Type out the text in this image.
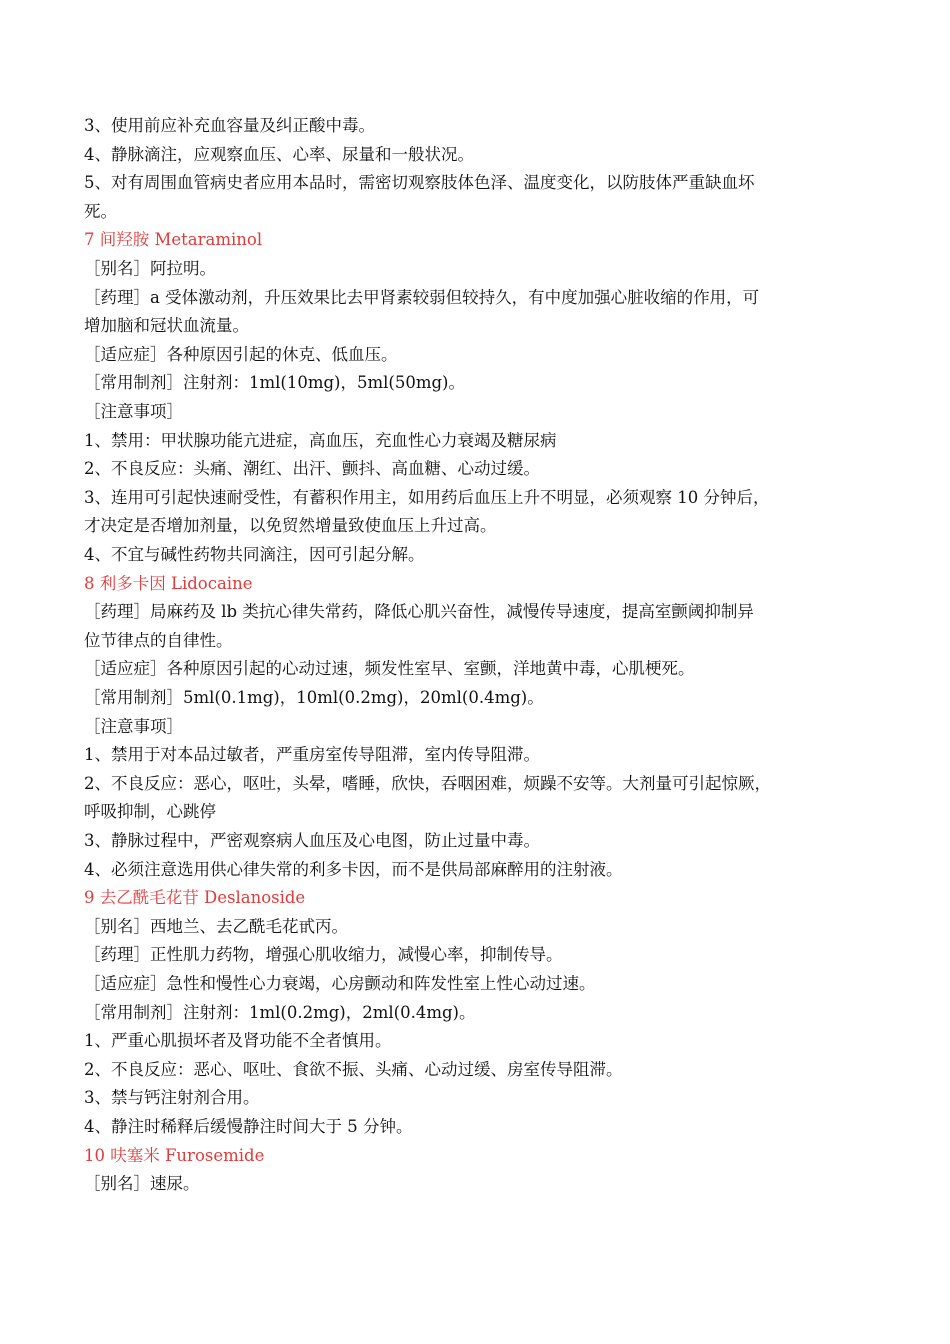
3、使用前应补充血容量及纠正酸中毒。
4、静脉滴注，应观察血压、心率、尿量和一般状况。
5、对有周围血管病史者应用本品时，需密切观察肢体色泽、温度变化，以防肢体严重缺血坏
死。
7 间羟胺 Metaraminol
［别名］阿拉明。
［药理］a 受体激动剂，升压效果比去甲肾素较弱但较持久，有中度加强心脏收缩的作用，可
增加脑和冠状血流量。
［适应症］各种原因引起的休克、低血压。
［常用制剂］注射剂：1ml(10mg)，5ml(50mg)。
［注意事项］
1、禁用：甲状腺功能亢进症，高血压，充血性心力衰竭及糖尿病
2、不良反应：头痛、潮红、出汗、颤抖、高血糖、心动过缓。
3、连用可引起快速耐受性，有蓄积作用主，如用药后血压上升不明显，必须观察 10 分钟后，
才决定是否增加剂量，以免贸然增量致使血压上升过高。
4、不宜与碱性药物共同滴注，因可引起分解。
8 利多卡因 Lidocaine
［药理］局麻药及 lb 类抗心律失常药，降低心肌兴奋性，减慢传导速度，提高室颤阈抑制异
位节律点的自律性。
［适应症］各种原因引起的心动过速，频发性室早、室颤，洋地黄中毒，心肌梗死。
［常用制剂］5ml(0.1mg)，10ml(0.2mg)，20ml(0.4mg)。
［注意事项］
1、禁用于对本品过敏者，严重房室传导阻滞，室内传导阻滞。
2、不良反应：恶心，呕吐，头晕，嗜睡，欣快，吞咽困难，烦躁不安等。大剂量可引起惊厥，
呼吸抑制，心跳停
3、静脉过程中，严密观察病人血压及心电图，防止过量中毒。
4、必须注意选用供心律失常的利多卡因，而不是供局部麻醉用的注射液。
9 去乙酰毛花苷 Deslanoside
［别名］西地兰、去乙酰毛花甙丙。
［药理］正性肌力药物，增强心肌收缩力，减慢心率，抑制传导。
［适应症］急性和慢性心力衰竭，心房颤动和阵发性室上性心动过速。
［常用制剂］注射剂：1ml(0.2mg)，2ml(0.4mg)。
1、严重心肌损坏者及肾功能不全者慎用。
2、不良反应：恶心、呕吐、食欲不振、头痛、心动过缓、房室传导阻滞。
3、禁与钙注射剂合用。
4、静注时稀释后缓慢静注时间大于 5 分钟。
10 呋塞米 Furosemide
［别名］速尿。
